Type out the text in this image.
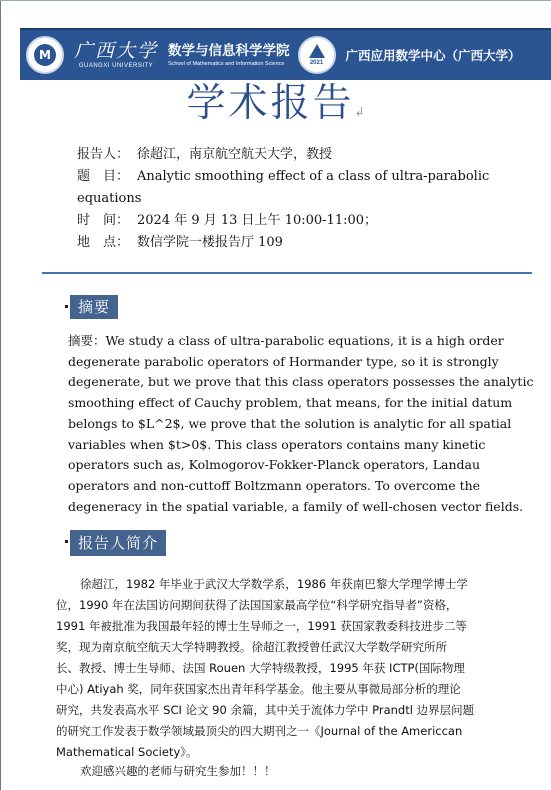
M 广西大学
GUANGXI UNIVERSITY
数学与信息科学学院
School of Mathematics and Information Science	2021	广西应用数学中心（广西大学）
学术报告↲
报告人： 徐超江，南京航空航天大学，教授
题　目： Analytic smoothing effect of a class of ultra-parabolic
equations
时　间： 2024 年 9 月 13 日上午 10:00-11:00；
地　点： 数信学院一楼报告厅 109
摘要
摘要：We study a class of ultra-parabolic equations, it is a high order
degenerate parabolic operators of Hormander type, so it is strongly
degenerate, but we prove that this class operators possesses the analytic
smoothing effect of Cauchy problem, that means, for the initial datum
belongs to $L^2$, we prove that the solution is analytic for all spatial
variables when $t>0$. This class operators contains many kinetic
operators such as, Kolmogorov-Fokker-Planck operators, Landau
operators and non-cuttoff Boltzmann operators. To overcome the
degeneracy in the spatial variable, a family of well-chosen vector fields.
报告人简介
徐超江，1982 年毕业于武汉大学数学系，1986 年获南巴黎大学理学博士学
位，1990 年在法国访问期间获得了法国国家最高学位“科学研究指导者”资格，
1991 年被批准为我国最年轻的博士生导师之一，1991 获国家教委科技进步二等
奖，现为南京航空航天大学特聘教授。徐超江教授曾任武汉大学数学研究所所
长、教授、博士生导师、法国 Rouen 大学特级教授，1995 年获 ICTP(国际物理
中心) Atiyah 奖，同年获国家杰出青年科学基金。他主要从事微局部分析的理论
研究，共发表高水平 SCI 论文 90 余篇，其中关于流体力学中 Prandtl 边界层问题
的研究工作发表于数学领域最顶尖的四大期刊之一《Journal of the Americcan
Mathematical Society》。
欢迎感兴趣的老师与研究生参加！！！
